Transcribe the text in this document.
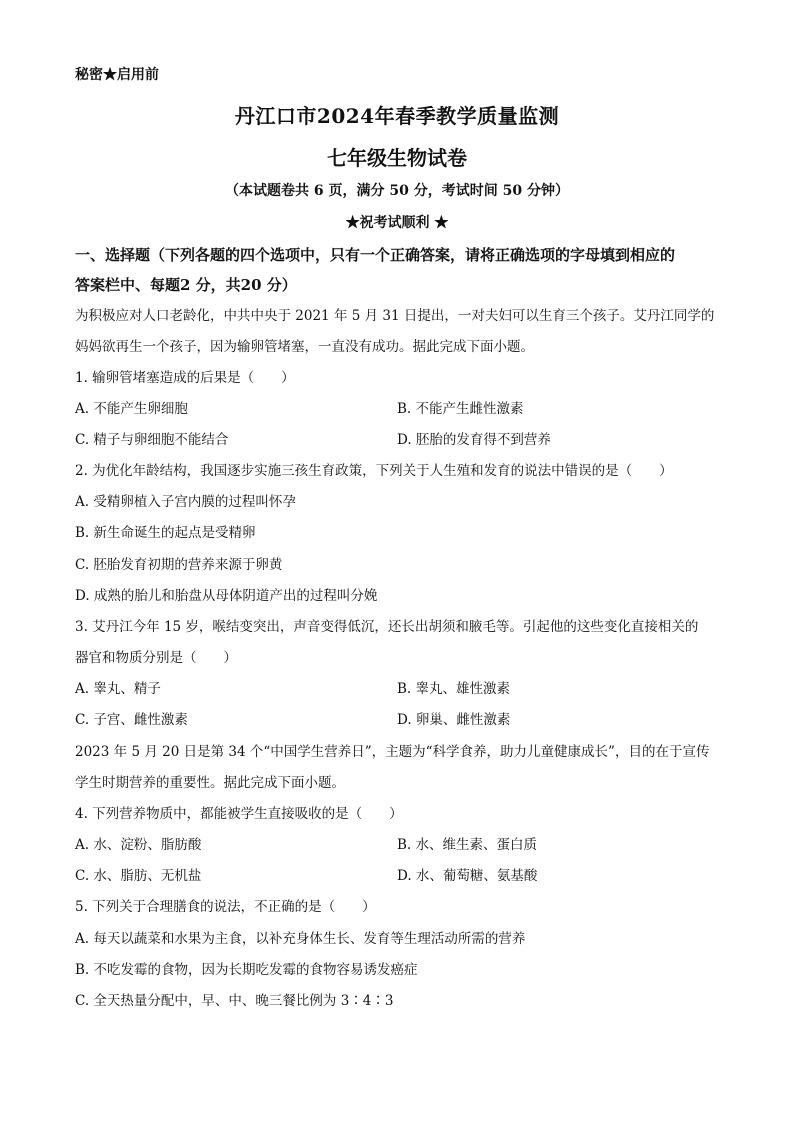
秘密★启用前
丹江口市2024年春季教学质量监测
七年级生物试卷
（本试题卷共 6 页，满分 50 分，考试时间 50 分钟）
★祝考试顺利 ★
一、选择题（下列各题的四个选项中，只有一个正确答案，请将正确选项的字母填到相应的
答案栏中、每题2 分，共20 分）
为积极应对人口老龄化，中共中央于 2021 年 5 月 31 日提出，一对夫妇可以生育三个孩子。艾丹江同学的
妈妈欲再生一个孩子，因为输卵管堵塞，一直没有成功。据此完成下面小题。
1. 输卵管堵塞造成的后果是（　　）
A. 不能产生卵细胞	B. 不能产生雌性激素
C. 精子与卵细胞不能结合	D. 胚胎的发育得不到营养
2. 为优化年龄结构，我国逐步实施三孩生育政策，下列关于人生殖和发育的说法中错误的是（　　）
A. 受精卵植入子宫内膜的过程叫怀孕
B. 新生命诞生的起点是受精卵
C. 胚胎发育初期的营养来源于卵黄
D. 成熟的胎儿和胎盘从母体阴道产出的过程叫分娩
3. 艾丹江今年 15 岁，喉结变突出，声音变得低沉，还长出胡须和腋毛等。引起他的这些变化直接相关的
器官和物质分别是（　　）
A. 睾丸、精子	B. 睾丸、雄性激素
C. 子宫、雌性激素	D. 卵巢、雌性激素
2023 年 5 月 20 日是第 34 个“中国学生营养日”，主题为“科学食养，助力儿童健康成长”，目的在于宣传
学生时期营养的重要性。据此完成下面小题。
4. 下列营养物质中，都能被学生直接吸收的是（　　）
A. 水、淀粉、脂肪酸	B. 水、维生素、蛋白质
C. 水、脂肪、无机盐	D. 水、葡萄糖、氨基酸
5. 下列关于合理膳食的说法，不正确的是（　　）
A. 每天以蔬菜和水果为主食，以补充身体生长、发育等生理活动所需的营养
B. 不吃发霉的食物，因为长期吃发霉的食物容易诱发癌症
C. 全天热量分配中，早、中、晚三餐比例为 3∶4∶3
